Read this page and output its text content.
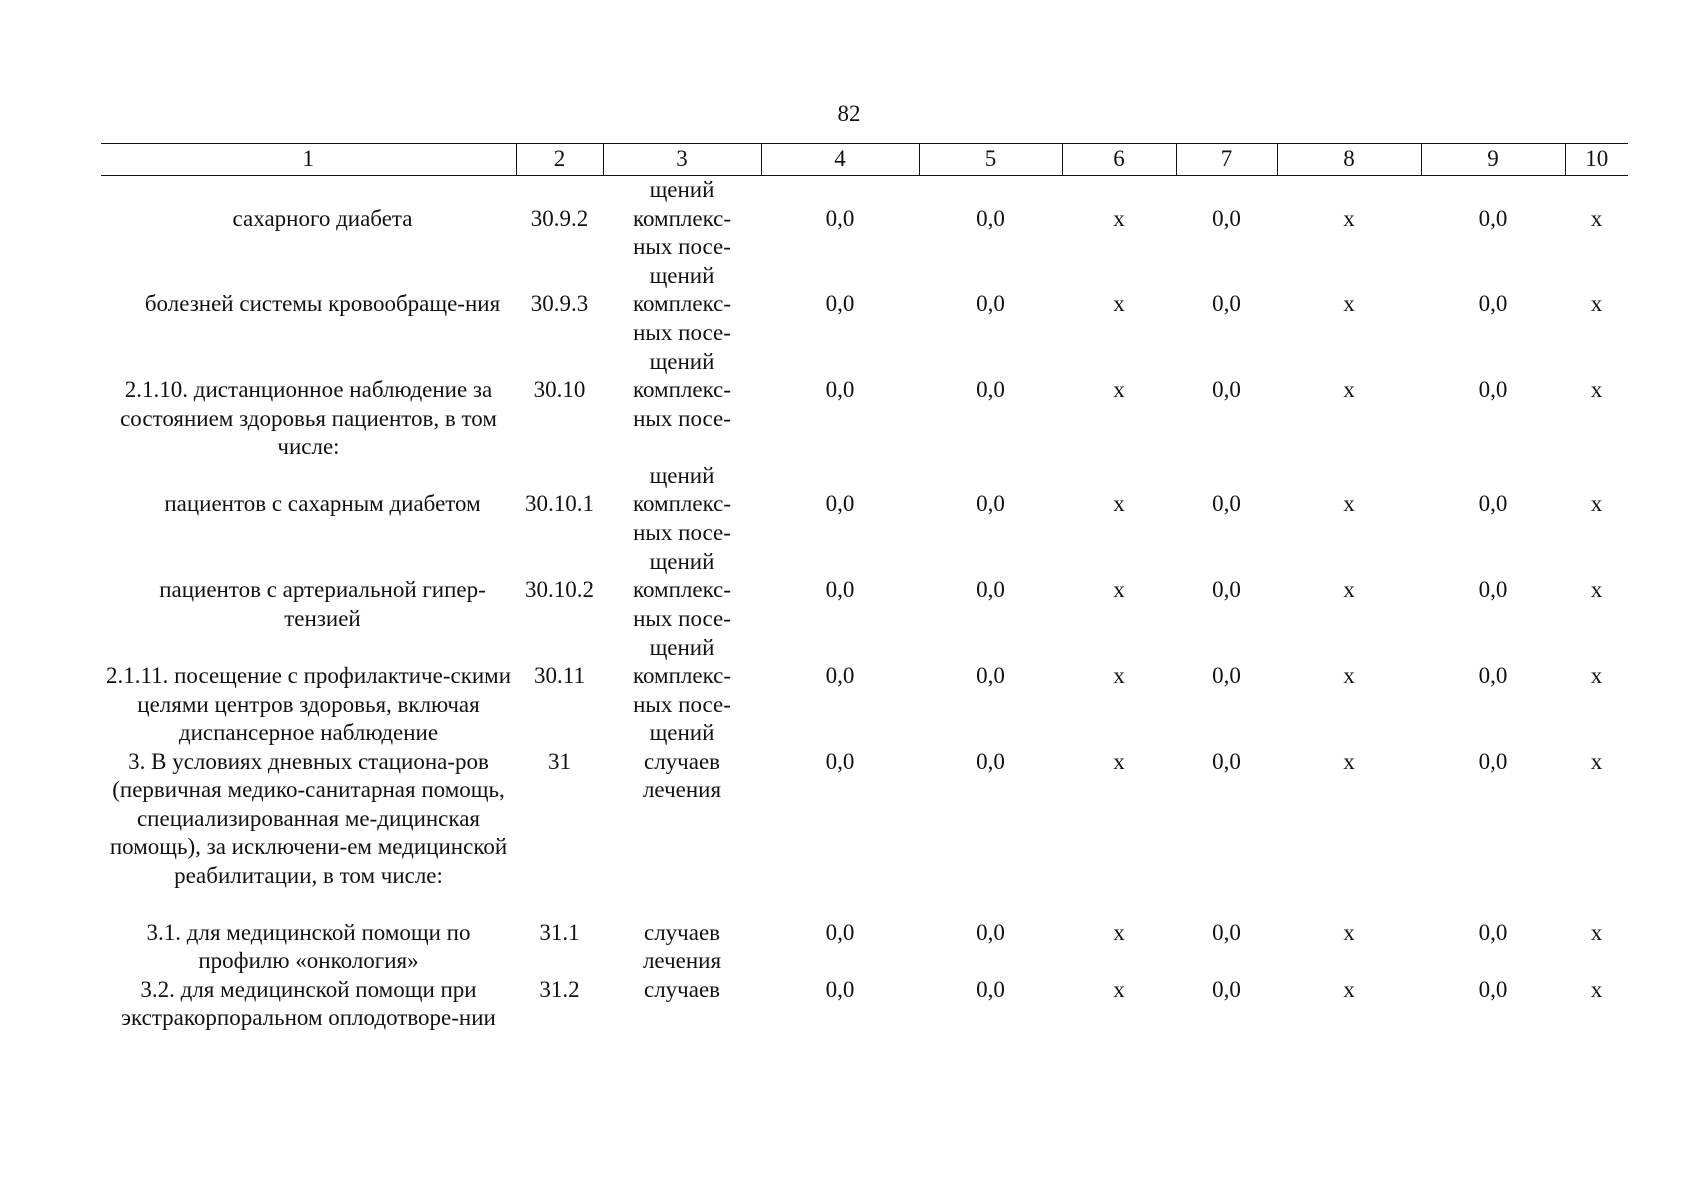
82
1	2	3	4	5	6	7	8	9	10

сахарного диабета	30.9.2	щений
комплекс-
ных посе-	0,0	0,0	х	0,0	х	0,0	х

болезней системы кровообраще-ния	30.9.3	щений
комплекс-
ных посе-	0,0	0,0	х	0,0	х	0,0	х

2.1.10. дистанционное наблюдение за состоянием здоровья пациентов, в том числе:	30.10	щений
комплекс-
ных посе-	0,0	0,0	х	0,0	х	0,0	х

пациентов с сахарным диабетом	30.10.1	щений
комплекс-
ных посе-	0,0	0,0	х	0,0	х	0,0	х

пациентов с артериальной гипер-тензией	30.10.2	щений
комплекс-
ных посе-	0,0	0,0	х	0,0	х	0,0	х

2.1.11. посещение с профилактиче-скими целями центров здоровья, включая диспансерное наблюдение	30.11	щений
комплекс-
ных посе-
щений	0,0	0,0	х	0,0	х	0,0	х

3. В условиях дневных стациона-ров (первичная медико-санитарная помощь, специализированная ме-дицинская помощь), за исключени-ем медицинской реабилитации, в том числе:	31	случаев
лечения	0,0	0,0	х	0,0	х	0,0	х

3.1. для медицинской помощи по профилю «онкология»	31.1	случаев
лечения	0,0	0,0	х	0,0	х	0,0	х

3.2. для медицинской помощи при экстракорпоральном оплодотворе-нии	31.2	случаев	0,0	0,0	х	0,0	х	0,0	х
